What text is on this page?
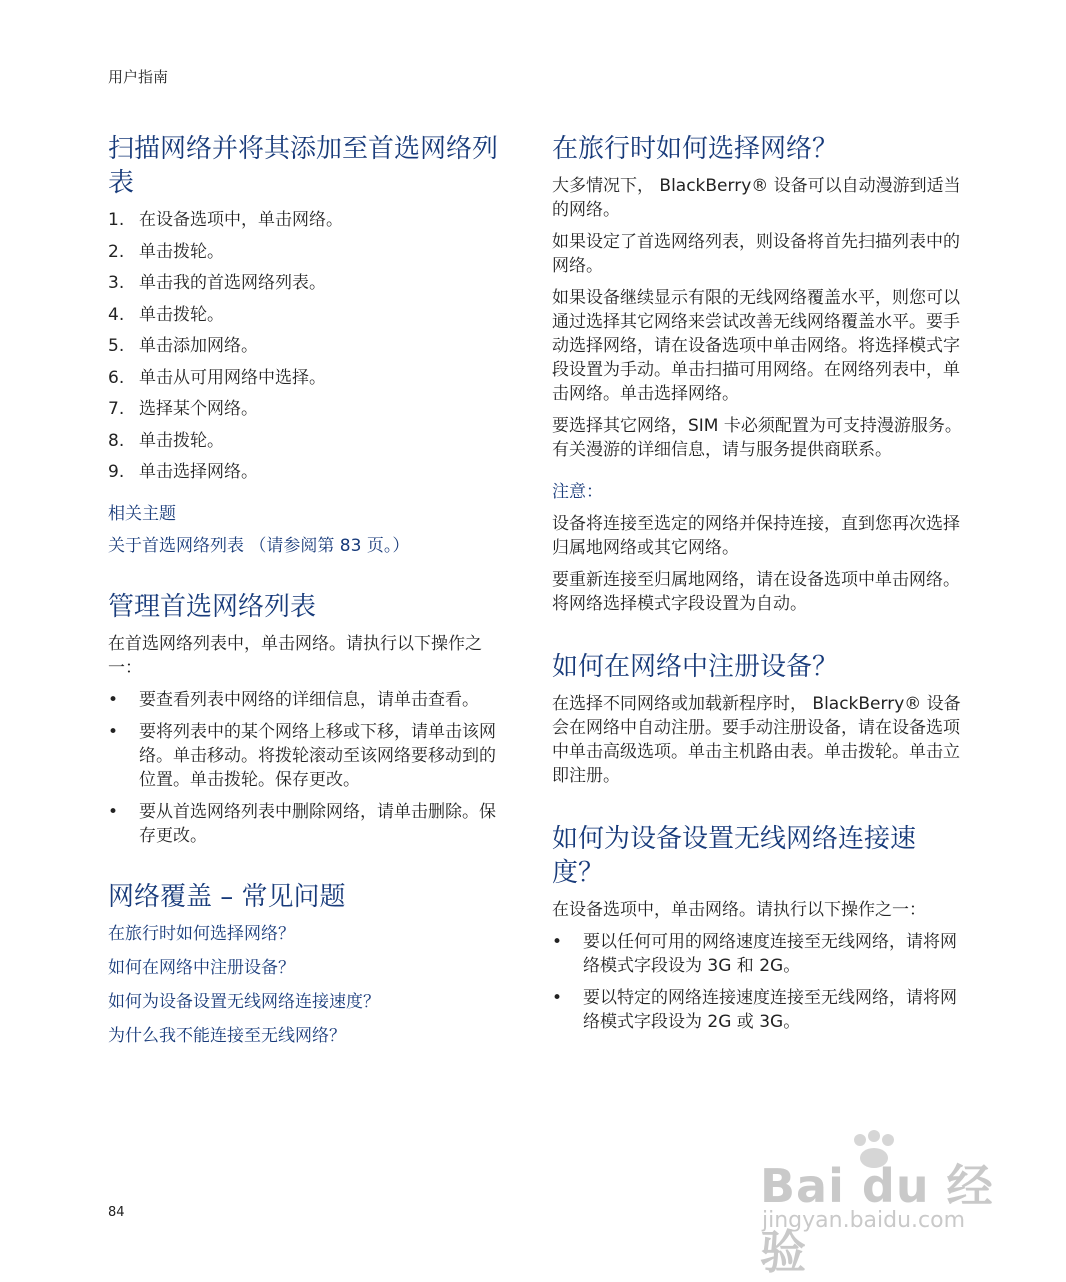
用户指南
扫描网络并将其添加至首选网络列表
1. 在设备选项中，单击网络。
2. 单击拨轮。
3. 单击我的首选网络列表。
4. 单击拨轮。
5. 单击添加网络。
6. 单击从可用网络中选择。
7. 选择某个网络。
8. 单击拨轮。
9. 单击选择网络。
相关主题
关于首选网络列表 （请参阅第 83 页。）
管理首选网络列表

在首选网络列表中，单击网络。请执行以下操作之一：

•	要查看列表中网络的详细信息，请单击查看。
•	要将列表中的某个网络上移或下移，请单击该网络。单击移动。将拨轮滚动至该网络要移动到的位置。单击拨轮。保存更改。
•	要从首选网络列表中删除网络，请单击删除。保存更改。
网络覆盖 – 常见问题
在旅行时如何选择网络？
如何在网络中注册设备？
如何为设备设置无线网络连接速度？
为什么我不能连接至无线网络？
在旅行时如何选择网络？

大多情况下， BlackBerry® 设备可以自动漫游到适当的网络。

如果设定了首选网络列表，则设备将首先扫描列表中的网络。

如果设备继续显示有限的无线网络覆盖水平，则您可以通过选择其它网络来尝试改善无线网络覆盖水平。要手动选择网络，请在设备选项中单击网络。将选择模式字段设置为手动。单击扫描可用网络。在网络列表中，单击网络。单击选择网络。

要选择其它网络，SIM 卡必须配置为可支持漫游服务。有关漫游的详细信息，请与服务提供商联系。

注意：

设备将连接至选定的网络并保持连接，直到您再次选择归属地网络或其它网络。

要重新连接至归属地网络，请在设备选项中单击网络。将网络选择模式字段设置为自动。

如何在网络中注册设备？

在选择不同网络或加载新程序时， BlackBerry® 设备会在网络中自动注册。要手动注册设备，请在设备选项中单击高级选项。单击主机路由表。单击拨轮。单击立即注册。

如何为设备设置无线网络连接速度？

在设备选项中，单击网络。请执行以下操作之一：

•	要以任何可用的网络速度连接至无线网络，请将网络模式字段设为 3G 和 2G。
•	要以特定的网络连接速度连接至无线网络，请将网络模式字段设为 2G 或 3G。
84	Bai du 经验
jingyan.baidu.com
